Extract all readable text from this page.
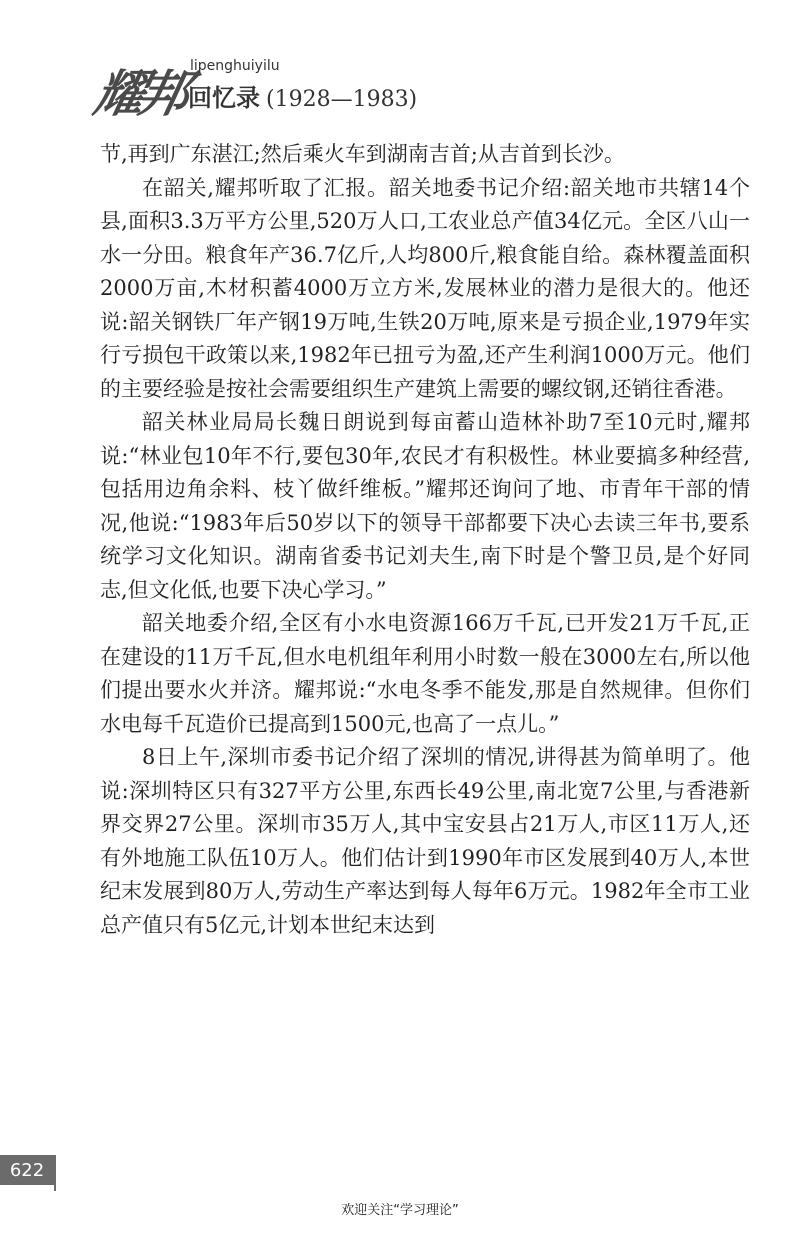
耀邦 lipenghuiyilu
回忆录 (1928—1983)

节,再到广东湛江;然后乘火车到湖南吉首;从吉首到长沙。

在韶关,耀邦听取了汇报。韶关地委书记介绍:韶关地市共辖14个县,面积3.3万平方公里,520万人口,工农业总产值34亿元。全区八山一水一分田。粮食年产36.7亿斤,人均800斤,粮食能自给。森林覆盖面积2000万亩,木材积蓄4000万立方米,发展林业的潜力是很大的。他还说:韶关钢铁厂年产钢19万吨,生铁20万吨,原来是亏损企业,1979年实行亏损包干政策以来,1982年已扭亏为盈,还产生利润1000万元。他们的主要经验是按社会需要组织生产建筑上需要的螺纹钢,还销往香港。

韶关林业局局长魏日朗说到每亩蓄山造林补助7至10元时,耀邦说:“林业包10年不行,要包30年,农民才有积极性。林业要搞多种经营,包括用边角余料、枝丫做纤维板。”耀邦还询问了地、市青年干部的情况,他说:“1983年后50岁以下的领导干部都要下决心去读三年书,要系统学习文化知识。湖南省委书记刘夫生,南下时是个警卫员,是个好同志,但文化低,也要下决心学习。”

韶关地委介绍,全区有小水电资源166万千瓦,已开发21万千瓦,正在建设的11万千瓦,但水电机组年利用小时数一般在3000左右,所以他们提出要水火并济。耀邦说:“水电冬季不能发,那是自然规律。但你们水电每千瓦造价已提高到1500元,也高了一点儿。”

8日上午,深圳市委书记介绍了深圳的情况,讲得甚为简单明了。他说:深圳特区只有327平方公里,东西长49公里,南北宽7公里,与香港新界交界27公里。深圳市35万人,其中宝安县占21万人,市区11万人,还有外地施工队伍10万人。他们估计到1990年市区发展到40万人,本世纪末发展到80万人,劳动生产率达到每人每年6万元。1982年全市工业总产值只有5亿元,计划本世纪末达到

622
欢迎关注“学习理论”
